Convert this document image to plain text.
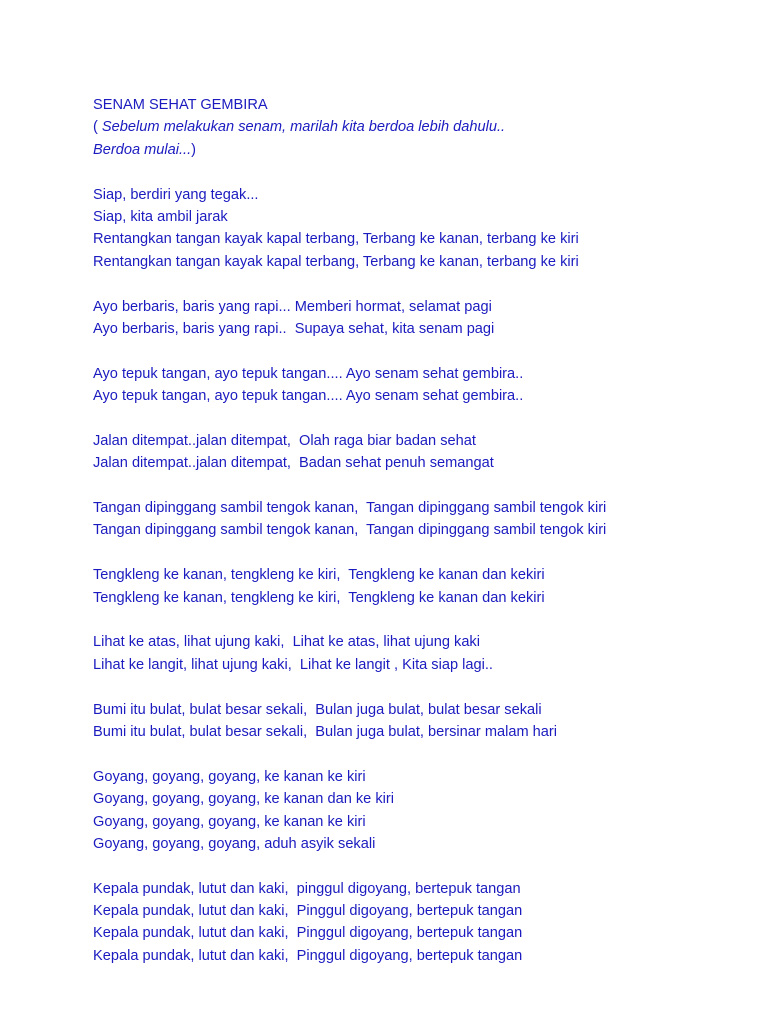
SENAM SEHAT GEMBIRA
( Sebelum melakukan senam, marilah kita berdoa lebih dahulu..
Berdoa mulai...)
Siap, berdiri yang tegak...
Siap, kita ambil jarak
Rentangkan tangan kayak kapal terbang, Terbang ke kanan, terbang ke kiri
Rentangkan tangan kayak kapal terbang, Terbang ke kanan, terbang ke kiri
Ayo berbaris, baris yang rapi... Memberi hormat, selamat pagi
Ayo berbaris, baris yang rapi..  Supaya sehat, kita senam pagi
Ayo tepuk tangan, ayo tepuk tangan.... Ayo senam sehat gembira..
Ayo tepuk tangan, ayo tepuk tangan.... Ayo senam sehat gembira..
Jalan ditempat..jalan ditempat,  Olah raga biar badan sehat
Jalan ditempat..jalan ditempat,  Badan sehat penuh semangat
Tangan dipinggang sambil tengok kanan,  Tangan dipinggang sambil tengok kiri
Tangan dipinggang sambil tengok kanan,  Tangan dipinggang sambil tengok kiri
Tengkleng ke kanan, tengkleng ke kiri,  Tengkleng ke kanan dan kekiri
Tengkleng ke kanan, tengkleng ke kiri,  Tengkleng ke kanan dan kekiri
Lihat ke atas, lihat ujung kaki,  Lihat ke atas, lihat ujung kaki
Lihat ke langit, lihat ujung kaki,  Lihat ke langit , Kita siap lagi..
Bumi itu bulat, bulat besar sekali,  Bulan juga bulat, bulat besar sekali
Bumi itu bulat, bulat besar sekali,  Bulan juga bulat, bersinar malam hari
Goyang, goyang, goyang, ke kanan ke kiri
Goyang, goyang, goyang, ke kanan dan ke kiri
Goyang, goyang, goyang, ke kanan ke kiri
Goyang, goyang, goyang, aduh asyik sekali
Kepala pundak, lutut dan kaki,  pinggul digoyang, bertepuk tangan
Kepala pundak, lutut dan kaki,  Pinggul digoyang, bertepuk tangan
Kepala pundak, lutut dan kaki,  Pinggul digoyang, bertepuk tangan
Kepala pundak, lutut dan kaki,  Pinggul digoyang, bertepuk tangan
